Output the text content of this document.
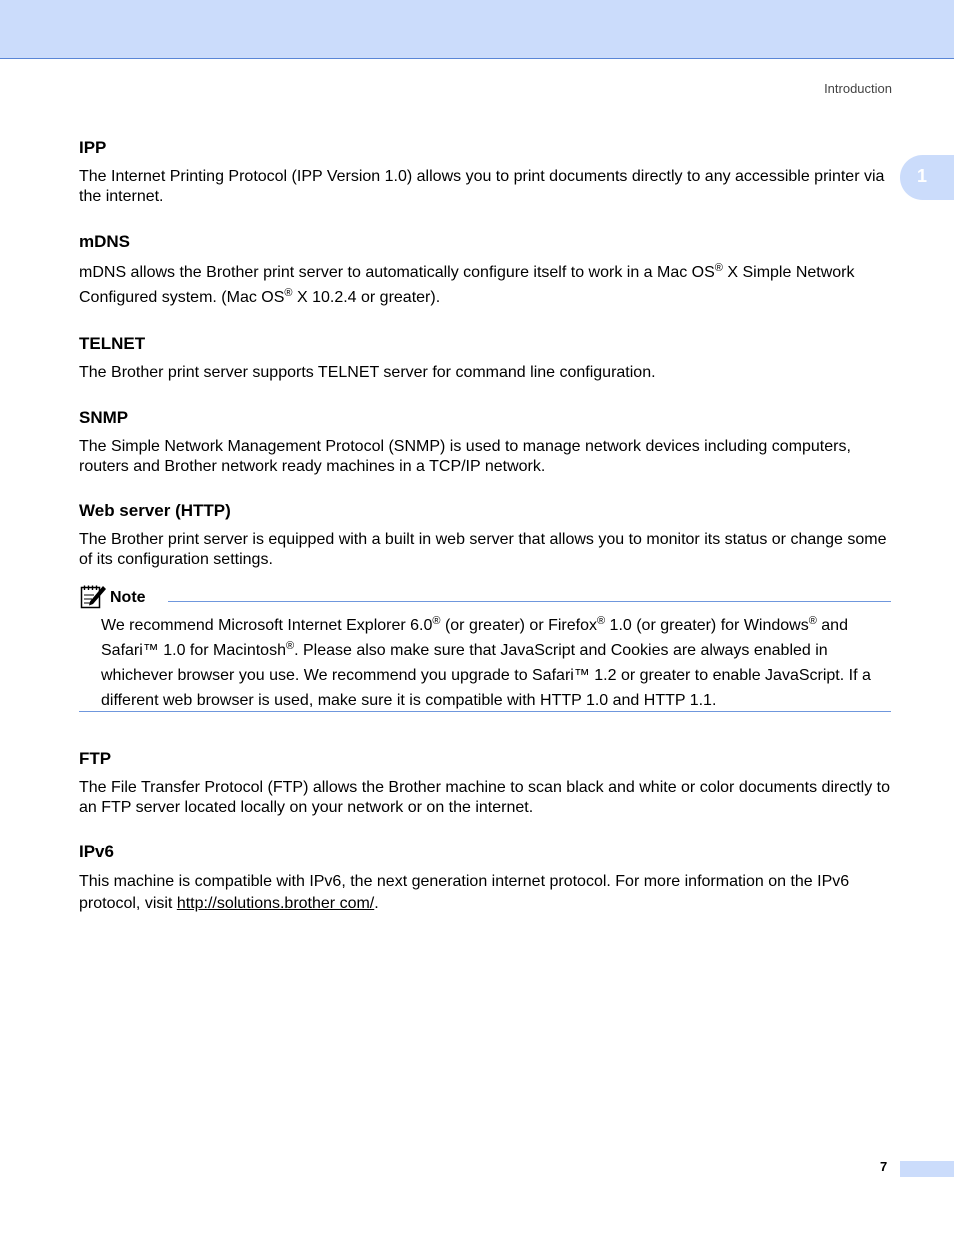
Introduction
1
IPP

The Internet Printing Protocol (IPP Version 1.0) allows you to print documents directly to any accessible printer via the internet.

mDNS

mDNS allows the Brother print server to automatically configure itself to work in a Mac OS® X Simple Network Configured system. (Mac OS® X 10.2.4 or greater).

TELNET

The Brother print server supports TELNET server for command line configuration.

SNMP

The Simple Network Management Protocol (SNMP) is used to manage network devices including computers, routers and Brother network ready machines in a TCP/IP network.

Web server (HTTP)

The Brother print server is equipped with a built in web server that allows you to monitor its status or change some of its configuration settings.

Note

We recommend Microsoft Internet Explorer 6.0® (or greater) or Firefox® 1.0 (or greater) for Windows® and Safari™ 1.0 for Macintosh®. Please also make sure that JavaScript and Cookies are always enabled in whichever browser you use. We recommend you upgrade to Safari™ 1.2 or greater to enable JavaScript. If a different web browser is used, make sure it is compatible with HTTP 1.0 and HTTP 1.1.

FTP

The File Transfer Protocol (FTP) allows the Brother machine to scan black and white or color documents directly to an FTP server located locally on your network or on the internet.

IPv6

This machine is compatible with IPv6, the next generation internet protocol. For more information on the IPv6 protocol, visit http://solutions.brother com/.

7
